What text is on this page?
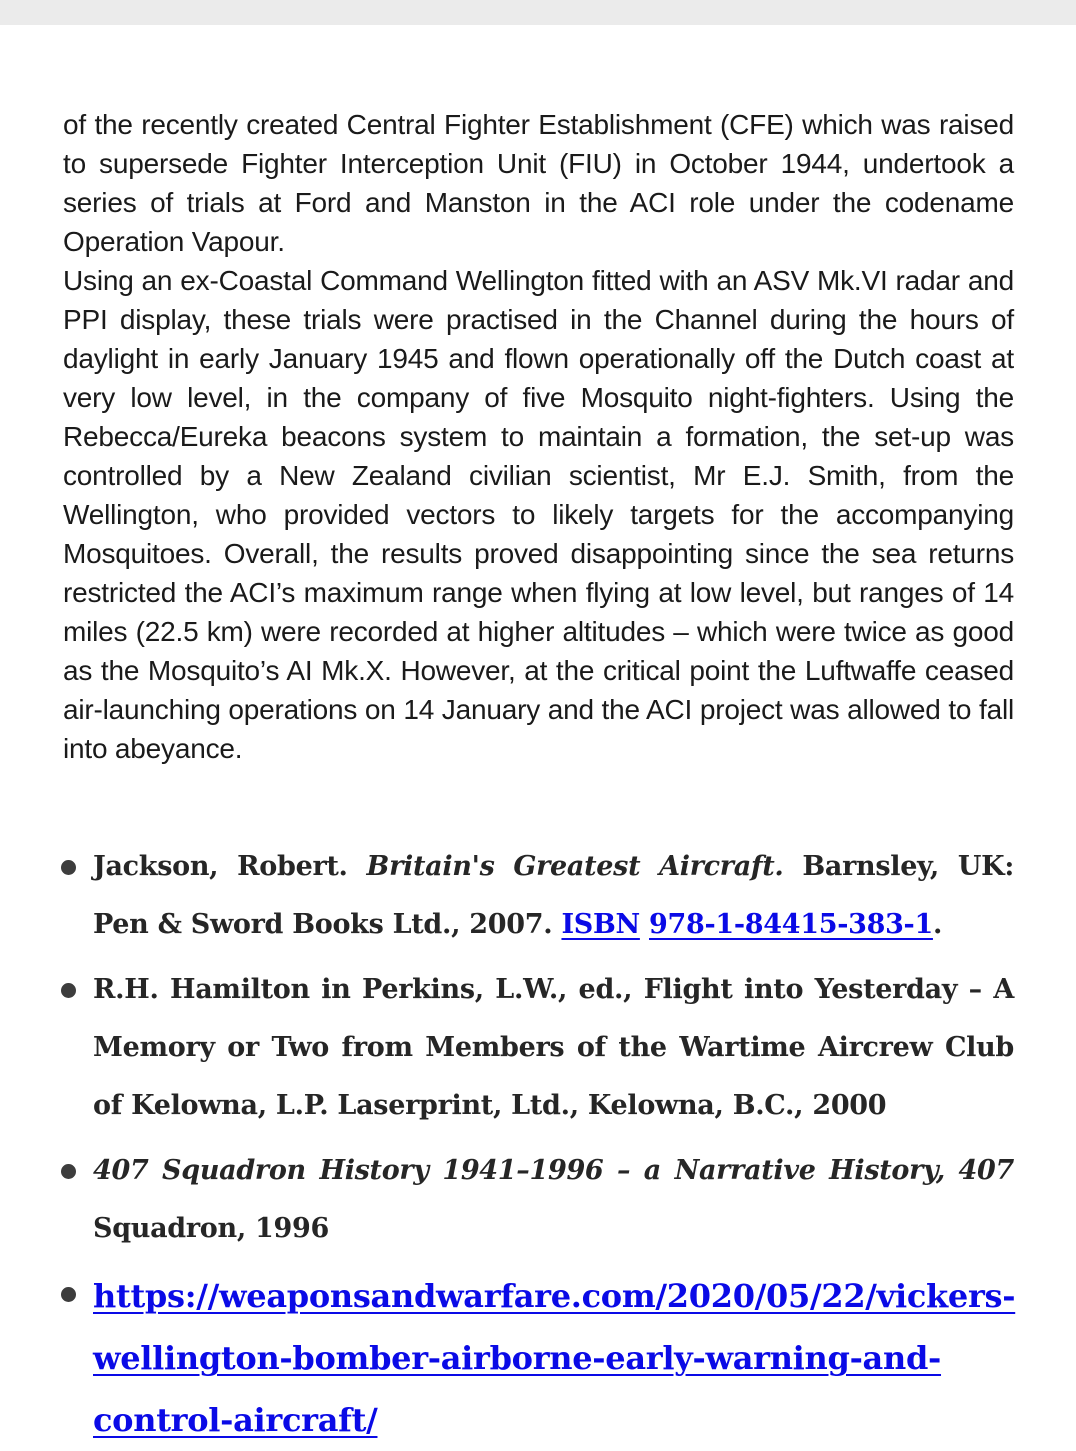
of the recently created Central Fighter Establishment (CFE) which was raised to supersede Fighter Interception Unit (FIU) in October 1944, undertook a series of trials at Ford and Manston in the ACI role under the codename Operation Vapour.

Using an ex-Coastal Command Wellington fitted with an ASV Mk.VI radar and PPI display, these trials were practised in the Channel during the hours of daylight in early January 1945 and flown operationally off the Dutch coast at very low level, in the company of five Mosquito night-fighters. Using the Rebecca/Eureka beacons system to maintain a formation, the set-up was controlled by a New Zealand civilian scientist, Mr E.J. Smith, from the Wellington, who provided vectors to likely targets for the accompanying Mosquitoes. Overall, the results proved disappointing since the sea returns restricted the ACI’s maximum range when flying at low level, but ranges of 14 miles (22.5 km) were recorded at higher altitudes – which were twice as good as the Mosquito’s AI Mk.X. However, at the critical point the Luftwaffe ceased air-launching operations on 14 January and the ACI project was allowed to fall into abeyance.

Jackson, Robert. Britain's Greatest Aircraft. Barnsley, UK: Pen & Sword Books Ltd., 2007. ISBN 978-1-84415-383-1.
R.H. Hamilton in Perkins, L.W., ed., Flight into Yesterday – A Memory or Two from Members of the Wartime Aircrew Club of Kelowna, L.P. Laserprint, Ltd., Kelowna, B.C., 2000
407 Squadron History 1941–1996 – a Narrative History, 407 Squadron, 1996
https://weaponsandwarfare.com/2020/05/22/vickers-wellington-bomber-airborne-early-warning-and-control-aircraft/
